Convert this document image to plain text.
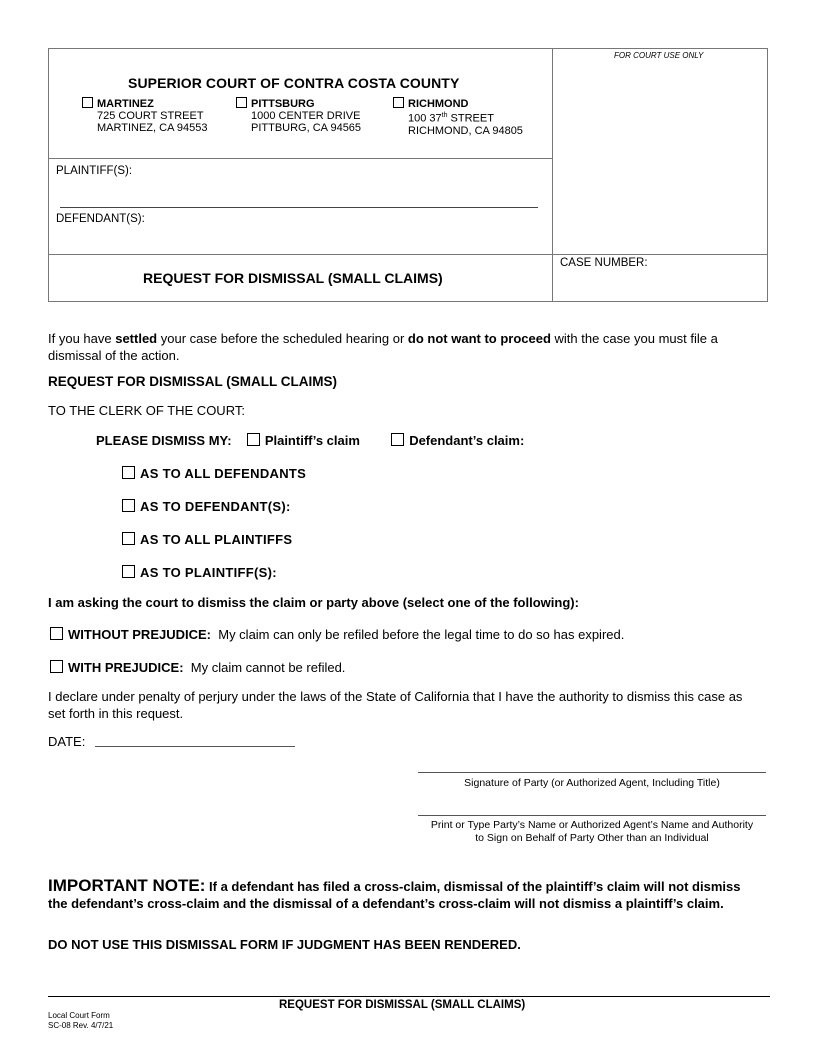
FOR COURT USE ONLY
SUPERIOR COURT OF CONTRA COSTA COUNTY
MARTINEZ
725 COURT STREET
MARTINEZ, CA 94553
PITTSBURG
1000 CENTER DRIVE
PITTBURG, CA 94565
RICHMOND
100 37th STREET
RICHMOND, CA 94805
PLAINTIFF(S):
DEFENDANT(S):
REQUEST FOR DISMISSAL (SMALL CLAIMS)
CASE NUMBER:
If you have settled your case before the scheduled hearing or do not want to proceed with the case you must file a
dismissal of the action.
REQUEST FOR DISMISSAL (SMALL CLAIMS)
TO THE CLERK OF THE COURT:
PLEASE DISMISS MY:	Plaintiff’s claim	Defendant’s claim:
AS TO ALL DEFENDANTS
AS TO DEFENDANT(S):
AS TO ALL PLAINTIFFS
AS TO PLAINTIFF(S):
I am asking the court to dismiss the claim or party above (select one of the following):
WITHOUT PREJUDICE: My claim can only be refiled before the legal time to do so has expired.
WITH PREJUDICE: My claim cannot be refiled.
I declare under penalty of perjury under the laws of the State of California that I have the authority to dismiss this case as
set forth in this request.
DATE:
Signature of Party (or Authorized Agent, Including Title)
Print or Type Party’s Name or Authorized Agent’s Name and Authority
to Sign on Behalf of Party Other than an Individual
IMPORTANT NOTE: If a defendant has filed a cross-claim, dismissal of the plaintiff’s claim will not dismiss
the defendant’s cross-claim and the dismissal of a defendant’s cross-claim will not dismiss a plaintiff’s claim.
DO NOT USE THIS DISMISSAL FORM IF JUDGMENT HAS BEEN RENDERED.
REQUEST FOR DISMISSAL (SMALL CLAIMS)
Local Court Form
SC-08 Rev. 4/7/21
